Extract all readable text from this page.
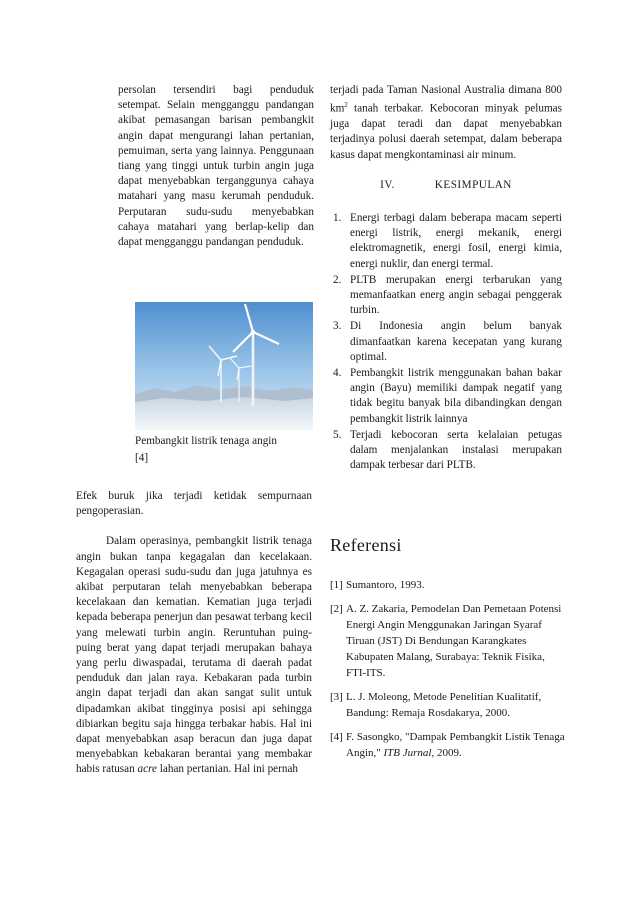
persolan tersendiri bagi penduduk setempat. Selain mengganggu pandangan akibat pemasangan barisan pembangkit angin dapat mengurangi lahan pertanian, pemuiman, serta yang lainnya. Penggunaan tiang yang tinggi untuk turbin angin juga dapat menyebabkan terganggunya cahaya matahari yang masu kerumah penduduk. Perputaran sudu-sudu menyebabkan cahaya matahari yang berlap-kelip dan dapat mengganggu pandangan penduduk.

Pembangkit listrik tenaga angin
[4]

Efek buruk jika terjadi ketidak sempurnaan pengoperasian.

Dalam operasinya, pembangkit listrik tenaga angin bukan tanpa kegagalan dan kecelakaan. Kegagalan operasi sudu-sudu dan juga jatuhnya es akibat perputaran telah menyebabkan beberapa kecelakaan dan kematian. Kematian juga terjadi kepada beberapa penerjun dan pesawat terbang kecil yang melewati turbin angin. Reruntuhan puing-puing berat yang dapat terjadi merupakan bahaya yang perlu diwaspadai, terutama di daerah padat penduduk dan jalan raya. Kebakaran pada turbin angin dapat terjadi dan akan sangat sulit untuk dipadamkan akibat tingginya posisi api sehingga dibiarkan begitu saja hingga terbakar habis. Hal ini dapat menyebabkan asap beracun dan juga dapat menyebabkan kebakaran berantai yang membakar habis ratusan acre lahan pertanian. Hal ini pernah

terjadi pada Taman Nasional Australia dimana 800 $km^2$ tanah terbakar. Kebocoran minyak pelumas juga dapat teradi dan dapat menyebabkan terjadinya polusi daerah setempat, dalam beberapa kasus dapat mengkontaminasi air minum.

IV.	KESIMPULAN
1. Energi terbagi dalam beberapa macam seperti energi listrik, energi mekanik, energi elektromagnetik, energi fosil, energi kimia, energi nuklir, dan energi termal.
2. PLTB merupakan energi terbarukan yang memanfaatkan energ angin sebagai penggerak turbin.
3. Di Indonesia angin belum banyak dimanfaatkan karena kecepatan yang kurang optimal.
4. Pembangkit listrik menggunakan bahan bakar angin (Bayu) memiliki dampak negatif yang tidak begitu banyak bila dibandingkan dengan pembangkit listrik lainnya
5. Terjadi kebocoran serta kelalaian petugas dalam menjalankan instalasi merupakan dampak terbesar dari PLTB.
Referensi
[1] Sumantoro, 1993.
[2] A. Z. Zakaria, Pemodelan Dan Pemetaan Potensi Energi Angin Menggunakan Jaringan Syaraf Tiruan (JST) Di Bendungan Karangkates Kabupaten Malang, Surabaya: Teknik Fisika, FTI-ITS.
[3] L. J. Moleong, Metode Penelitian Kualitatif, Bandung: Remaja Rosdakarya, 2000.
[4] F. Sasongko, "Dampak Pembangkit Listik Tenaga Angin," ITB Jurnal, 2009.
